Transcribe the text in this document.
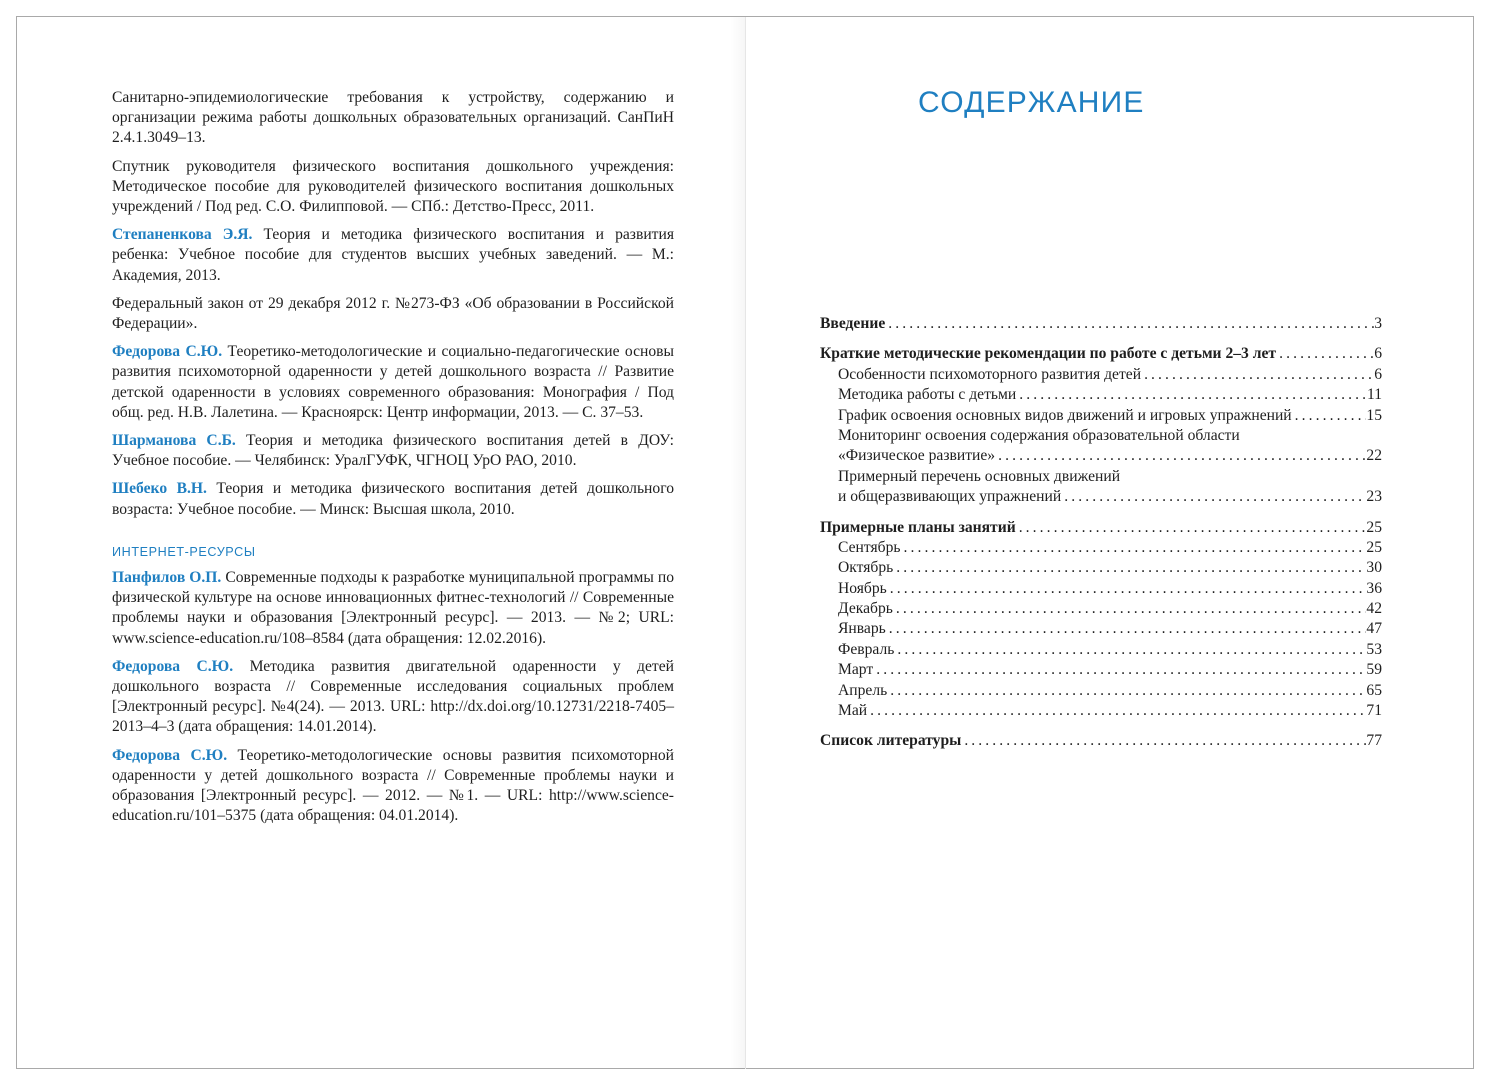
Санитарно-эпидемиологические требования к устройству, содержанию и организации режима работы дошкольных образовательных организаций. СанПиН 2.4.1.3049–13.

Спутник руководителя физического воспитания дошкольного учреждения: Методическое пособие для руководителей физического воспитания дошкольных учреждений / Под ред. С.О. Филипповой. — СПб.: Детство-Пресс, 2011.

Степаненкова Э.Я. Теория и методика физического воспитания и развития ребенка: Учебное пособие для студентов высших учебных заведений. — М.: Академия, 2013.

Федеральный закон от 29 декабря 2012 г. №273-ФЗ «Об образовании в Российской Федерации».

Федорова С.Ю. Теоретико-методологические и социально-педагогические основы развития психомоторной одаренности у детей дошкольного возраста // Развитие детской одаренности в условиях современного образования: Монография / Под общ. ред. Н.В. Лалетина. — Красноярск: Центр информации, 2013. — С. 37–53.

Шарманова С.Б. Теория и методика физического воспитания детей в ДОУ: Учебное пособие. — Челябинск: УралГУФК, ЧГНОЦ УрО РАО, 2010.

Шебеко В.Н. Теория и методика физического воспитания детей дошкольного возраста: Учебное пособие. — Минск: Высшая школа, 2010.

ИНТЕРНЕТ-РЕСУРСЫ

Панфилов О.П. Современные подходы к разработке муниципальной программы по физической культуре на основе инновационных фитнес-технологий // Современные проблемы науки и образования [Электронный ресурс]. — 2013. — №2; URL: www.science-education.ru/108–8584 (дата обращения: 12.02.2016).

Федорова С.Ю. Методика развития двигательной одаренности у детей дошкольного возраста // Современные исследования социальных проблем [Электронный ресурс]. №4(24). — 2013. URL: http://dx.doi.org/10.12731/2218-7405–2013–4–3 (дата обращения: 14.01.2014).

Федорова С.Ю. Теоретико-методологические основы развития психомоторной одаренности у детей дошкольного возраста // Современные проблемы науки и образования [Электронный ресурс]. — 2012. — №1. — URL: http://www.science-education.ru/101–5375 (дата обращения: 04.01.2014).

СОДЕРЖАНИЕ
Введение . . .	3
Краткие методические рекомендации по работе с детьми 2–3 лет . . .	6
Особенности психомоторного развития детей . . .	6
Методика работы с детьми . . .	11
График освоения основных видов движений и игровых упражнений . . .	15
Мониторинг освоения содержания образовательной области
«Физическое развитие» . . .	22
Примерный перечень основных движений
и общеразвивающих упражнений . . .	23
Примерные планы занятий . . .	25
Сентябрь . . .	25
Октябрь . . .	30
Ноябрь . . .	36
Декабрь . . .	42
Январь . . .	47
Февраль . . .	53
Март . . .	59
Апрель . . .	65
Май . . .	71
Список литературы . . .	77
